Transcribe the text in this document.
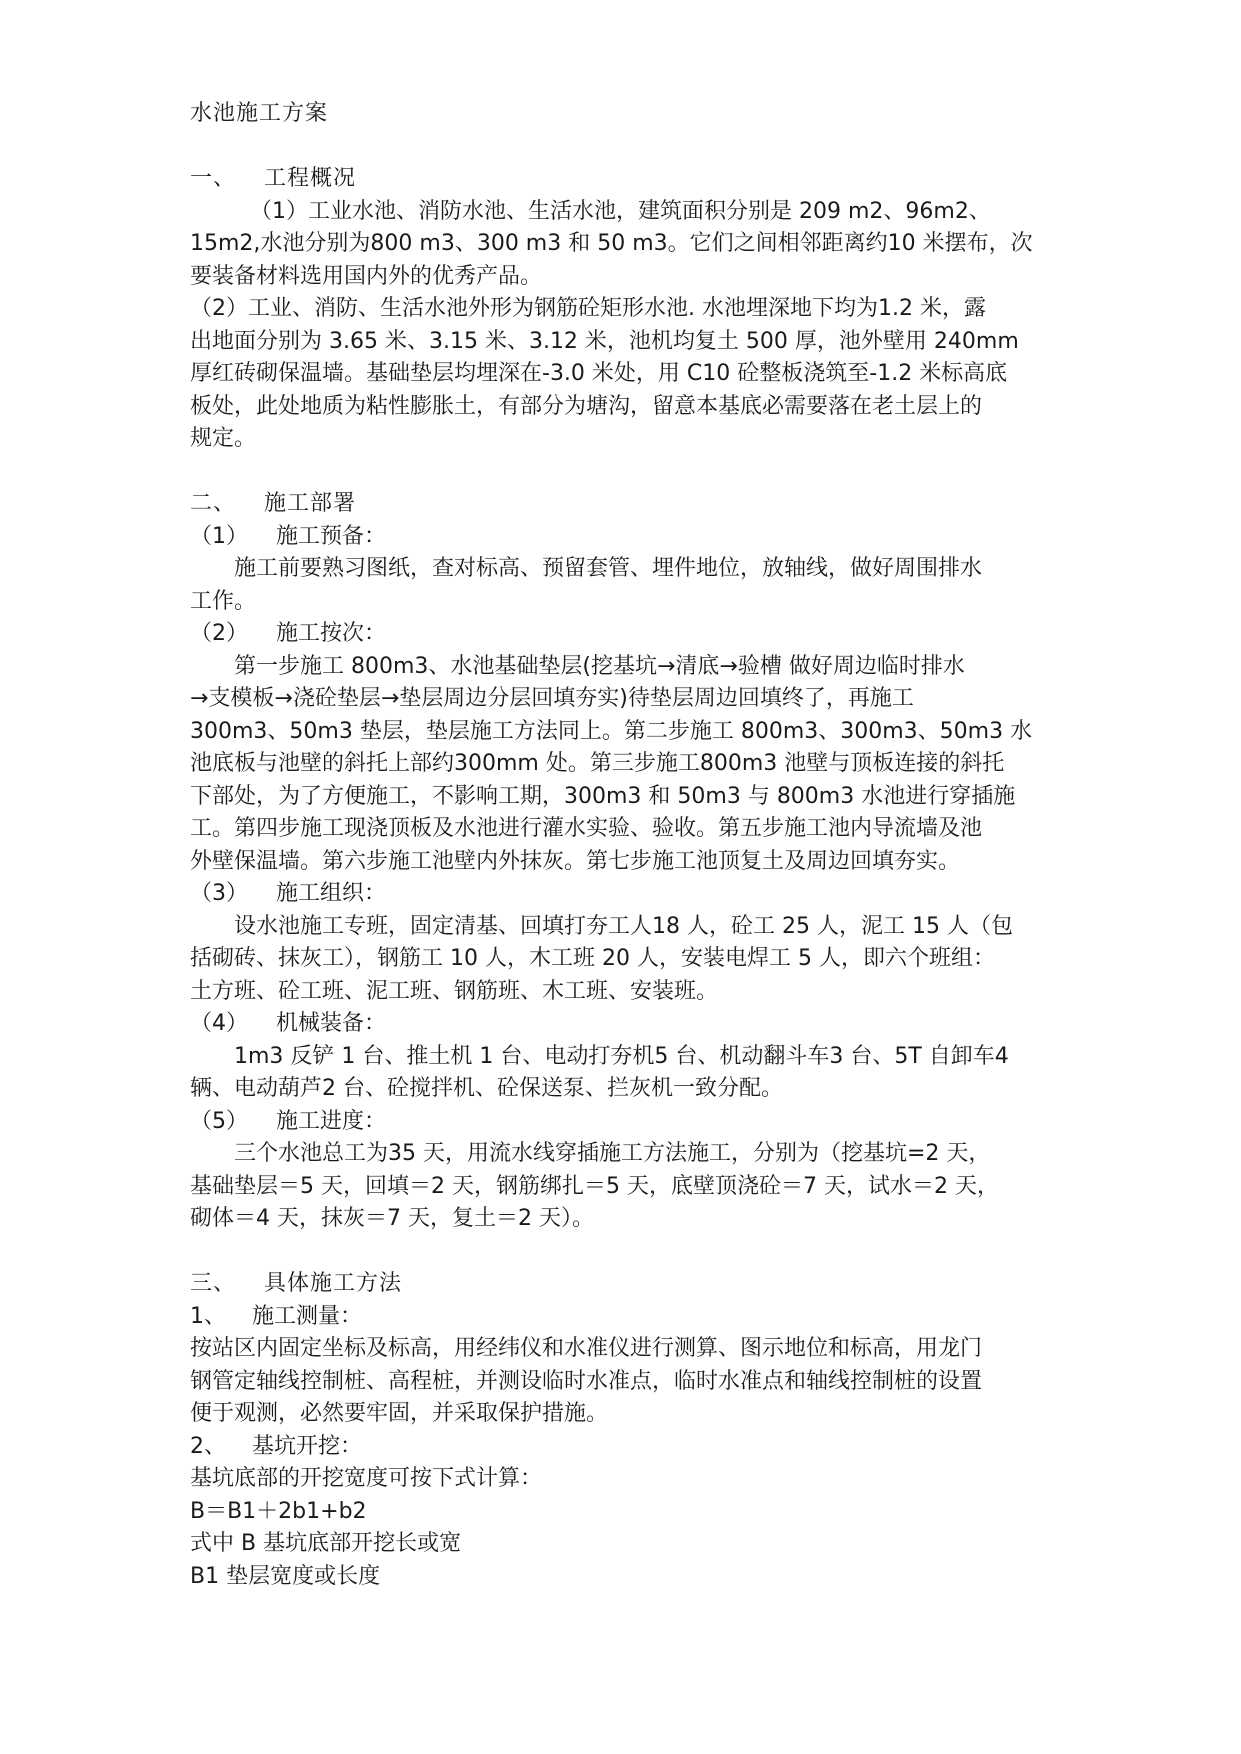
水池施工方案
一、 工程概况
（1）工业水池、消防水池、生活水池，建筑面积分别是 209 m2、96m2、
15m2,水池分别为800 m3、300 m3 和 50 m3。它们之间相邻距离约10 米摆布，次
要装备材料选用国内外的优秀产品。
（2）工业、消防、生活水池外形为钢筋砼矩形水池. 水池埋深地下均为1.2 米，露
出地面分别为 3.65 米、3.15 米、3.12 米，池机均复土 500 厚，池外壁用 240mm
厚红砖砌保温墙。基础垫层均埋深在-3.0 米处，用 C10 砼整板浇筑至-1.2 米标高底
板处，此处地质为粘性膨胀土，有部分为塘沟，留意本基底必需要落在老土层上的
规定。
二、 施工部署
（1） 施工预备：
施工前要熟习图纸，查对标高、预留套管、埋件地位，放轴线，做好周围排水
工作。
（2） 施工按次：
第一步施工 800m3、水池基础垫层(挖基坑→清底→验槽 做好周边临时排水
→支模板→浇砼垫层→垫层周边分层回填夯实)待垫层周边回填终了，再施工
300m3、50m3 垫层，垫层施工方法同上。第二步施工 800m3、300m3、50m3 水
池底板与池壁的斜托上部约300mm 处。第三步施工800m3 池壁与顶板连接的斜托
下部处，为了方便施工，不影响工期，300m3 和 50m3 与 800m3 水池进行穿插施
工。第四步施工现浇顶板及水池进行灌水实验、验收。第五步施工池内导流墙及池
外壁保温墙。第六步施工池壁内外抹灰。第七步施工池顶复土及周边回填夯实。
（3） 施工组织：
设水池施工专班，固定清基、回填打夯工人18 人，砼工 25 人，泥工 15 人（包
括砌砖、抹灰工），钢筋工 10 人，木工班 20 人，安装电焊工 5 人，即六个班组：
土方班、砼工班、泥工班、钢筋班、木工班、安装班。
（4） 机械装备：
1m3 反铲 1 台、推土机 1 台、电动打夯机5 台、机动翻斗车3 台、5T 自卸车4
辆、电动葫芦2 台、砼搅拌机、砼保送泵、拦灰机一致分配。
（5） 施工进度：
三个水池总工为35 天，用流水线穿插施工方法施工，分别为（挖基坑=2 天，
基础垫层＝5 天，回填＝2 天，钢筋绑扎＝5 天，底壁顶浇砼＝7 天，试水＝2 天，
砌体＝4 天，抹灰＝7 天，复土＝2 天）。
三、 具体施工方法
1、 施工测量：
按站区内固定坐标及标高，用经纬仪和水准仪进行测算、图示地位和标高，用龙门
钢管定轴线控制桩、高程桩，并测设临时水准点，临时水准点和轴线控制桩的设置
便于观测，必然要牢固，并采取保护措施。
2、 基坑开挖：
基坑底部的开挖宽度可按下式计算：
B＝B1＋2b1+b2
式中 B 基坑底部开挖长或宽
B1 垫层宽度或长度
